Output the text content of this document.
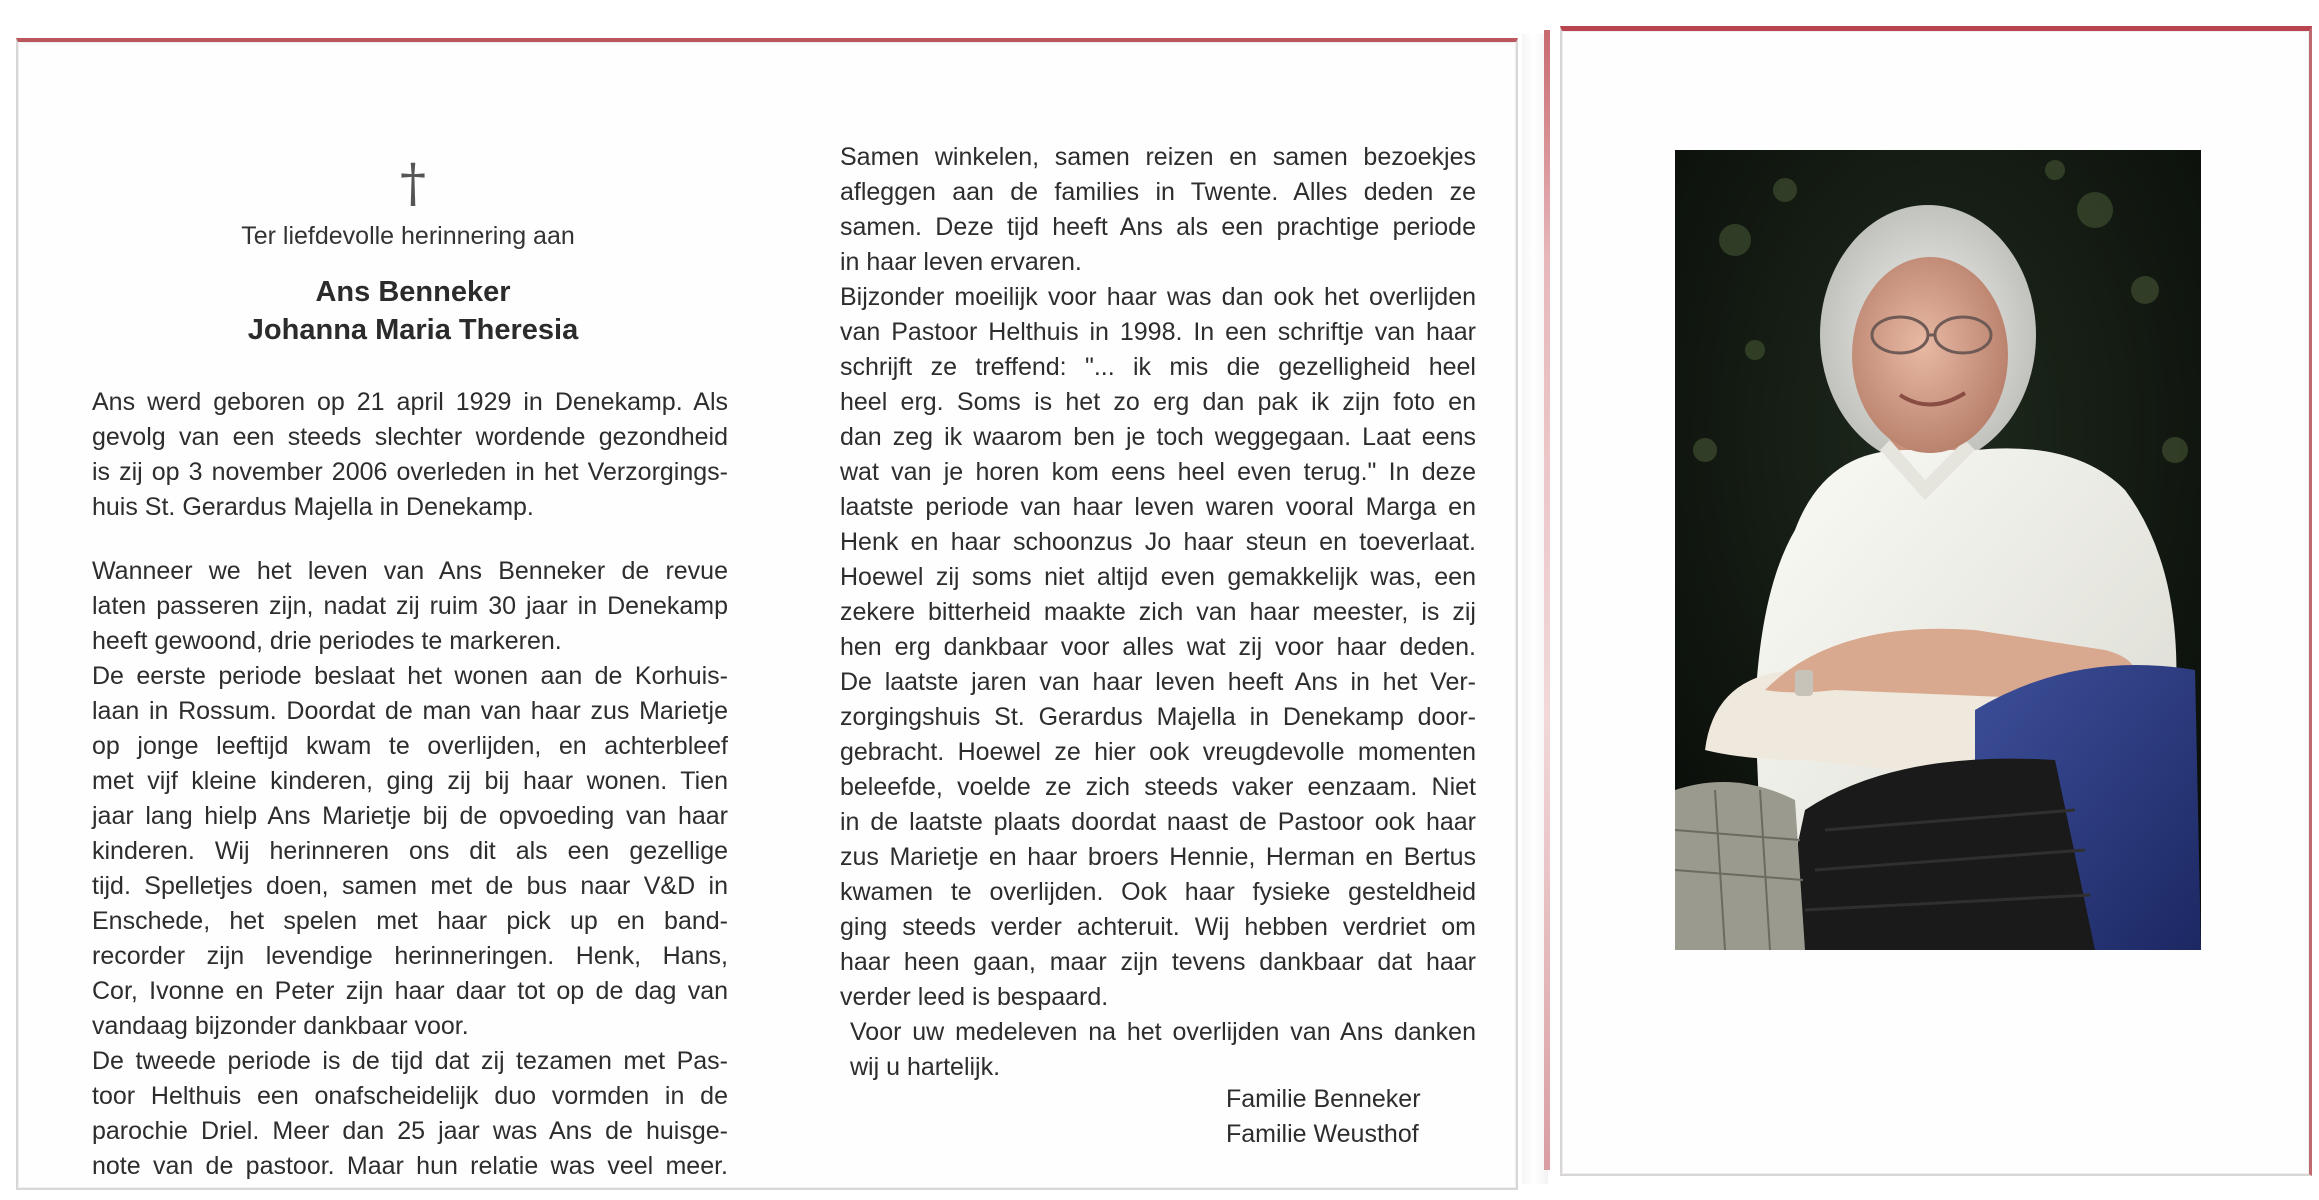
†
Ter liefdevolle herinnering aan
Ans Benneker
Johanna Maria Theresia
Ans werd geboren op 21 april 1929 in Denekamp. Als
gevolg van een steeds slechter wordende gezondheid
is zij op 3 november 2006 overleden in het Verzorgings-
huis St. Gerardus Majella in Denekamp.
Wanneer we het leven van Ans Benneker de revue
laten passeren zijn, nadat zij ruim 30 jaar in Denekamp
heeft gewoond, drie periodes te markeren.
De eerste periode beslaat het wonen aan de Korhuis-
laan in Rossum. Doordat de man van haar zus Marietje
op jonge leeftijd kwam te overlijden, en achterbleef
met vijf kleine kinderen, ging zij bij haar wonen. Tien
jaar lang hielp Ans Marietje bij de opvoeding van haar
kinderen. Wij herinneren ons dit als een gezellige
tijd. Spelletjes doen, samen met de bus naar V&D in
Enschede, het spelen met haar pick up en band-
recorder zijn levendige herinneringen. Henk, Hans,
Cor, Ivonne en Peter zijn haar daar tot op de dag van
vandaag bijzonder dankbaar voor.
De tweede periode is de tijd dat zij tezamen met Pas-
toor Helthuis een onafscheidelijk duo vormden in de
parochie Driel. Meer dan 25 jaar was Ans de huisge-
note van de pastoor. Maar hun relatie was veel meer.
Samen winkelen, samen reizen en samen bezoekjes
afleggen aan de families in Twente. Alles deden ze
samen. Deze tijd heeft Ans als een prachtige periode
in haar leven ervaren.
Bijzonder moeilijk voor haar was dan ook het overlijden
van Pastoor Helthuis in 1998. In een schriftje van haar
schrijft ze treffend: "... ik mis die gezelligheid heel
heel erg. Soms is het zo erg dan pak ik zijn foto en
dan zeg ik waarom ben je toch weggegaan. Laat eens
wat van je horen kom eens heel even terug." In deze
laatste periode van haar leven waren vooral Marga en
Henk en haar schoonzus Jo haar steun en toeverlaat.
Hoewel zij soms niet altijd even gemakkelijk was, een
zekere bitterheid maakte zich van haar meester, is zij
hen erg dankbaar voor alles wat zij voor haar deden.
De laatste jaren van haar leven heeft Ans in het Ver-
zorgingshuis St. Gerardus Majella in Denekamp door-
gebracht. Hoewel ze hier ook vreugdevolle momenten
beleefde, voelde ze zich steeds vaker eenzaam. Niet
in de laatste plaats doordat naast de Pastoor ook haar
zus Marietje en haar broers Hennie, Herman en Bertus
kwamen te overlijden. Ook haar fysieke gesteldheid
ging steeds verder achteruit. Wij hebben verdriet om
haar heen gaan, maar zijn tevens dankbaar dat haar
verder leed is bespaard.
Voor uw medeleven na het overlijden van Ans danken
wij u hartelijk.
Familie Benneker
Familie Weusthof
